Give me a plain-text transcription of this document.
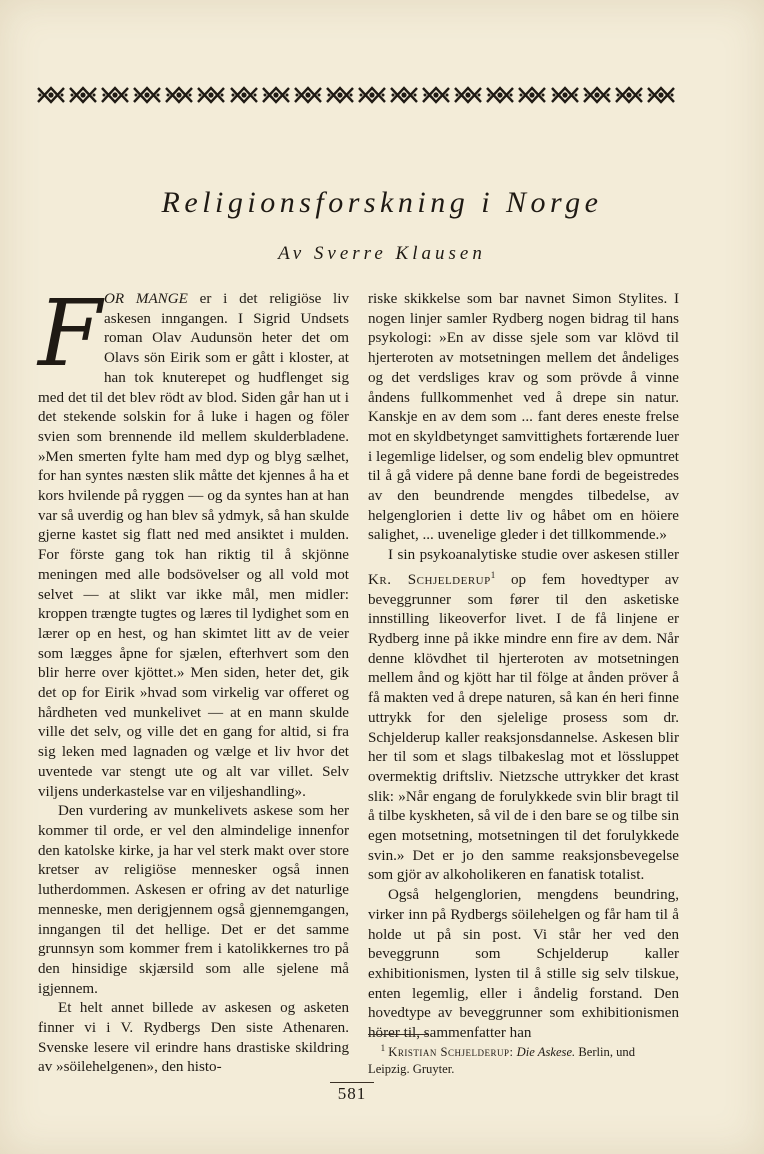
Religionsforskning i Norge
Av Sverre Klausen

FOR MANGE er i det religiöse liv askesen inngangen. I Sigrid Undsets roman Olav Audunsön heter det om Olavs sön Eirik som er gått i kloster, at han tok knuterepet og hudflenget sig med det til det blev rödt av blod. Siden går han ut i det stekende solskin for å luke i hagen og föler svien som brennende ild mellem skulderbladene. »Men smerten fylte ham med dyp og blyg sælhet, for han syntes næsten slik måtte det kjennes å ha et kors hvilende på ryggen — og da syntes han at han var så uverdig og han blev så ydmyk, så han skulde gjerne kastet sig flatt ned med ansiktet i mulden. For förste gang tok han riktig til å skjönne meningen med alle bodsövelser og all vold mot selvet — at slikt var ikke mål, men midler: kroppen trængte tugtes og læres til lydighet som en lærer op en hest, og han skimtet litt av de veier som lægges åpne for sjælen, efterhvert som den blir herre over kjöttet.» Men siden, heter det, gik det op for Eirik »hvad som virkelig var offeret og hårdheten ved munkelivet — at en mann skulde ville det selv, og ville det en gang for altid, si fra sig leken med lagnaden og vælge et liv hvor det uventede var stengt ute og alt var villet. Selv viljens underkastelse var en viljeshandling».

Den vurdering av munkelivets askese som her kommer til orde, er vel den almindelige innenfor den katolske kirke, ja har vel sterk makt over store kretser av religiöse mennesker også innen lutherdommen. Askesen er ofring av det naturlige menneske, men derigjennem også gjennemgangen, inngangen til det hellige. Det er det samme grunnsyn som kommer frem i katolikkernes tro på den hinsidige skjærsild som alle sjelene må igjennem.

Et helt annet billede av askesen og asketen finner vi i V. Rydbergs Den siste Athenaren. Svenske lesere vil erindre hans drastiske skildring av »söilehelgenen», den histo-

riske skikkelse som bar navnet Simon Stylites. I nogen linjer samler Rydberg nogen bidrag til hans psykologi: »En av disse sjele som var klövd til hjerteroten av motsetningen mellem det åndeliges og det verdsliges krav og som prövde å vinne åndens fullkommenhet ved å drepe sin natur. Kanskje en av dem som ... fant deres eneste frelse mot en skyldbetynget samvittighets fortærende luer i legemlige lidelser, og som endelig blev opmuntret til å gå videre på denne bane fordi de begeistredes av den beundrende mengdes tilbedelse, av helgenglorien i dette liv og håbet om en höiere salighet, ... uvenelige gleder i det tillkommende.»

I sin psykoanalytiske studie over askesen stiller Kr. Schjelderup$^1$ op fem hovedtyper av beveggrunner som fører til den asketiske innstilling likeoverfor livet. I de få linjene er Rydberg inne på ikke mindre enn fire av dem. Når denne klövdhet til hjerteroten av motsetningen mellem ånd og kjött har til fölge at ånden pröver å få makten ved å drepe naturen, så kan én heri finne uttrykk for den sjelelige prosess som dr. Schjelderup kaller reaksjonsdannelse. Askesen blir her til som et slags tilbakeslag mot et lössluppet overmektig driftsliv. Nietzsche uttrykker det krast slik: »Når engang de forulykkede svin blir bragt til å tilbe kyskheten, så vil de i den bare se og tilbe sin egen motsetning, motsetningen til det forulykkede svin.» Det er jo den samme reaksjonsbevegelse som gjör av alkoholikeren en fanatisk totalist.

Også helgenglorien, mengdens beundring, virker inn på Rydbergs söilehelgen og får ham til å holde ut på sin post. Vi står her ved den beveggrunn som Schjelderup kaller exhibitionismen, lysten til å stille sig selv tilskue, enten legemlig, eller i åndelig forstand. Den hovedtype av beveggrunner som exhibitionismen hörer til, sammenfatter han

$^1$ Kristian Schjelderup: Die Askese. Berlin, und Leipzig. Gruyter.
581
